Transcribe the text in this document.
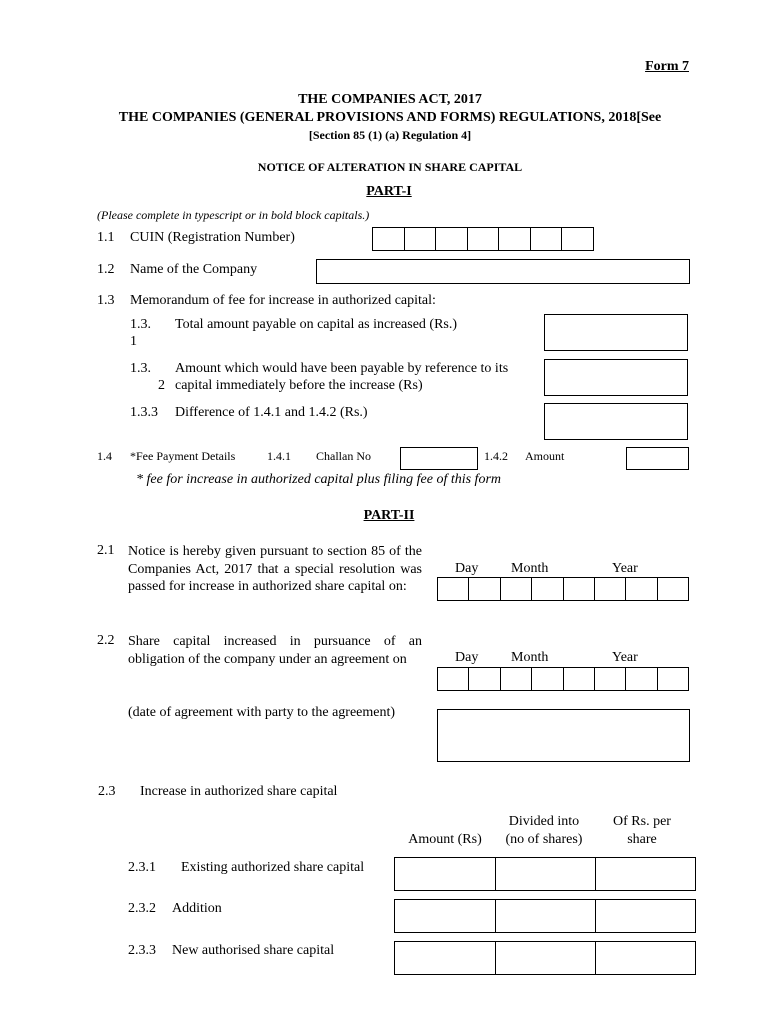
Form 7
THE COMPANIES ACT, 2017
THE COMPANIES (GENERAL PROVISIONS AND FORMS) REGULATIONS, 2018[See
[Section 85 (1) (a) Regulation 4]
NOTICE OF ALTERATION IN SHARE CAPITAL
PART-I
(Please complete in typescript or in bold block capitals.)
1.1 CUIN (Registration Number)
1.2 Name of the Company
1.3 Memorandum of fee for increase in authorized capital:
1.3.
1
Total amount payable on capital as increased (Rs.)
1.3.
2
Amount which would have been payable by reference to its
capital immediately before the increase (Rs)
1.3.3 Difference of 1.4.1 and 1.4.2 (Rs.)
1.4 *Fee Payment Details	1.4.1 Challan No	1.4.2 Amount
* fee for increase in authorized capital plus filing fee of this form
PART-II
2.1 Notice is hereby given pursuant to section 85 of the Companies Act, 2017 that a special resolution was passed for increase in authorized share capital on:
Day Month	Year
2.2 Share capital increased in pursuance of an obligation of the company under an agreement on	Day Month	Year
(date of agreement with party to the agreement)
2.3 Increase in authorized share capital
Amount (Rs)
Divided into
(no of shares)
Of Rs. per
share
2.3.1 Existing authorized share capital
2.3.2 Addition
2.3.3 New authorised share capital
